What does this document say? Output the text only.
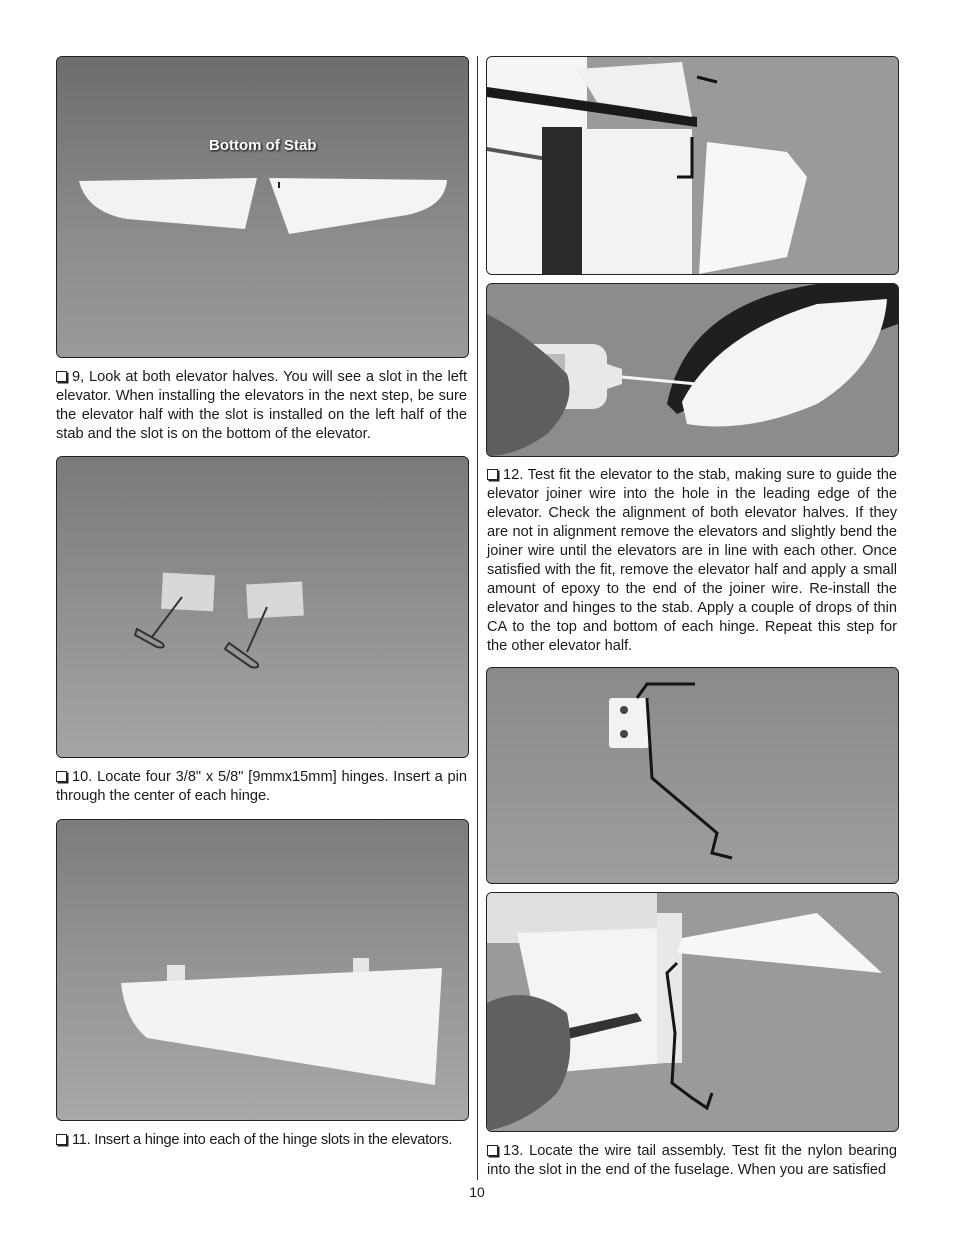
Bottom of Stab

9, Look at both elevator halves. You will see a slot in the left elevator. When installing the elevators in the next step, be sure the elevator half with the slot is installed on the left half of the stab and the slot is on the bottom of the elevator.

10. Locate four 3/8" x 5/8" [9mmx15mm] hinges. Insert a pin through the center of each hinge.

11. Insert a hinge into each of the hinge slots in the elevators.

12. Test fit the elevator to the stab, making sure to guide the elevator joiner wire into the hole in the leading edge of the elevator. Check the alignment of both elevator halves. If they are not in alignment remove the elevators and slightly bend the joiner wire until the elevators are in line with each other. Once satisfied with the fit, remove the elevator half and apply a small amount of epoxy to the end of the joiner wire. Re-install the elevator and hinges to the stab. Apply a couple of drops of thin CA to the top and bottom of each hinge. Repeat this step for the other elevator half.

13. Locate the wire tail assembly. Test fit the nylon bearing into the slot in the end of the fuselage. When you are satisfied

10
